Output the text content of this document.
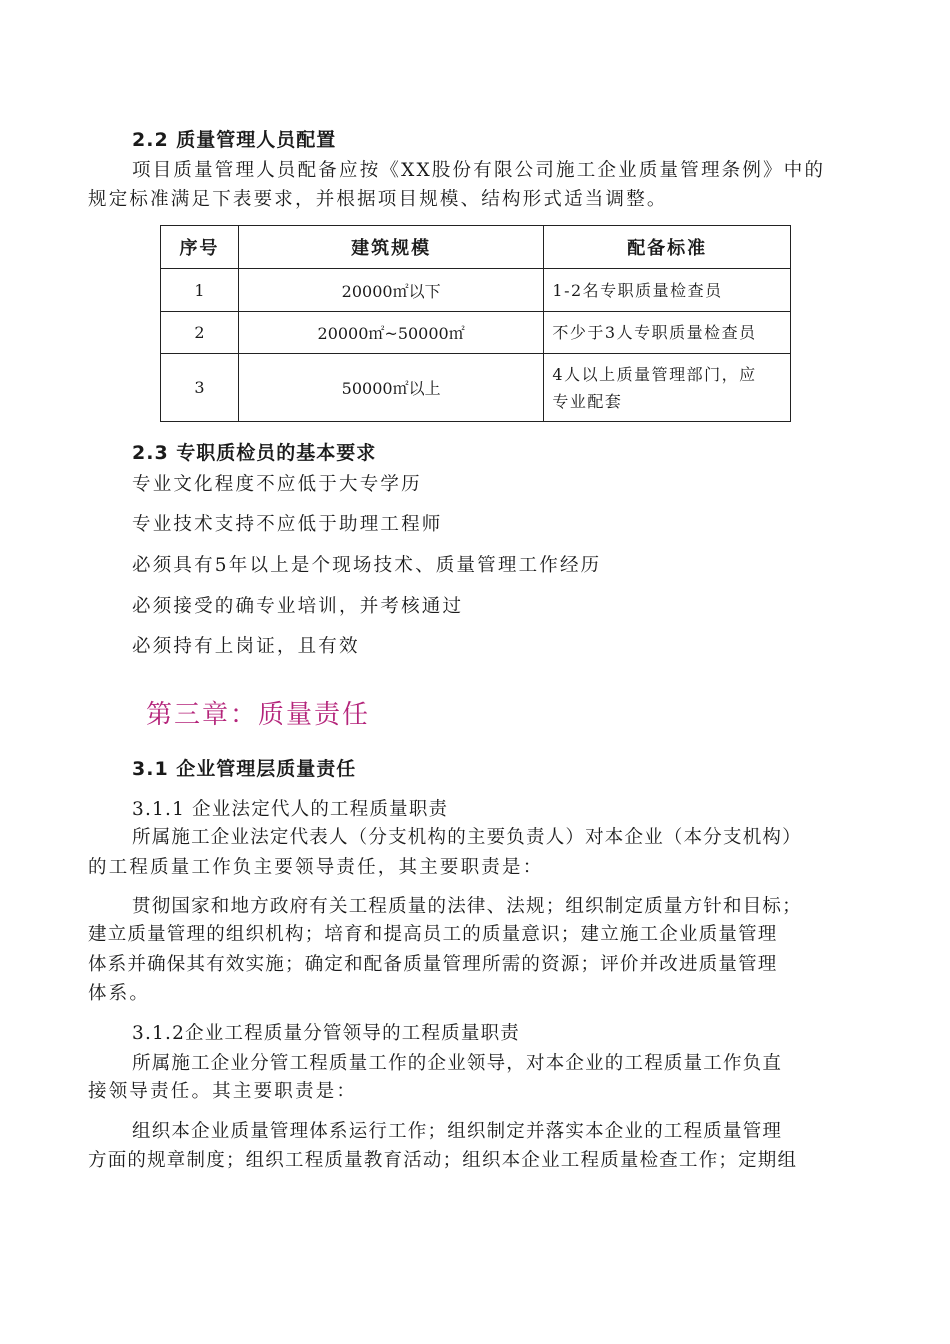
2.2 质量管理人员配置
项目质量管理人员配备应按《XX股份有限公司施工企业质量管理条例》中的
规定标准满足下表要求，并根据项目规模、结构形式适当调整。
序号	建筑规模	配备标准
1	20000㎡以下	1-2名专职质量检查员
2	20000㎡~50000㎡	不少于3人专职质量检查员
3	50000㎡以上	4人以上质量管理部门，应
专业配套
2.3 专职质检员的基本要求
专业文化程度不应低于大专学历
专业技术支持不应低于助理工程师
必须具有5年以上是个现场技术、质量管理工作经历
必须接受的确专业培训，并考核通过
必须持有上岗证，且有效
第三章：质量责任
3.1 企业管理层质量责任
3.1.1 企业法定代人的工程质量职责
所属施工企业法定代表人（分支机构的主要负责人）对本企业（本分支机构）
的工程质量工作负主要领导责任，其主要职责是：
贯彻国家和地方政府有关工程质量的法律、法规；组织制定质量方针和目标；
建立质量管理的组织机构；培育和提高员工的质量意识；建立施工企业质量管理
体系并确保其有效实施；确定和配备质量管理所需的资源；评价并改进质量管理
体系。
3.1.2企业工程质量分管领导的工程质量职责
所属施工企业分管工程质量工作的企业领导，对本企业的工程质量工作负直
接领导责任。其主要职责是：
组织本企业质量管理体系运行工作；组织制定并落实本企业的工程质量管理
方面的规章制度；组织工程质量教育活动；组织本企业工程质量检查工作；定期组
